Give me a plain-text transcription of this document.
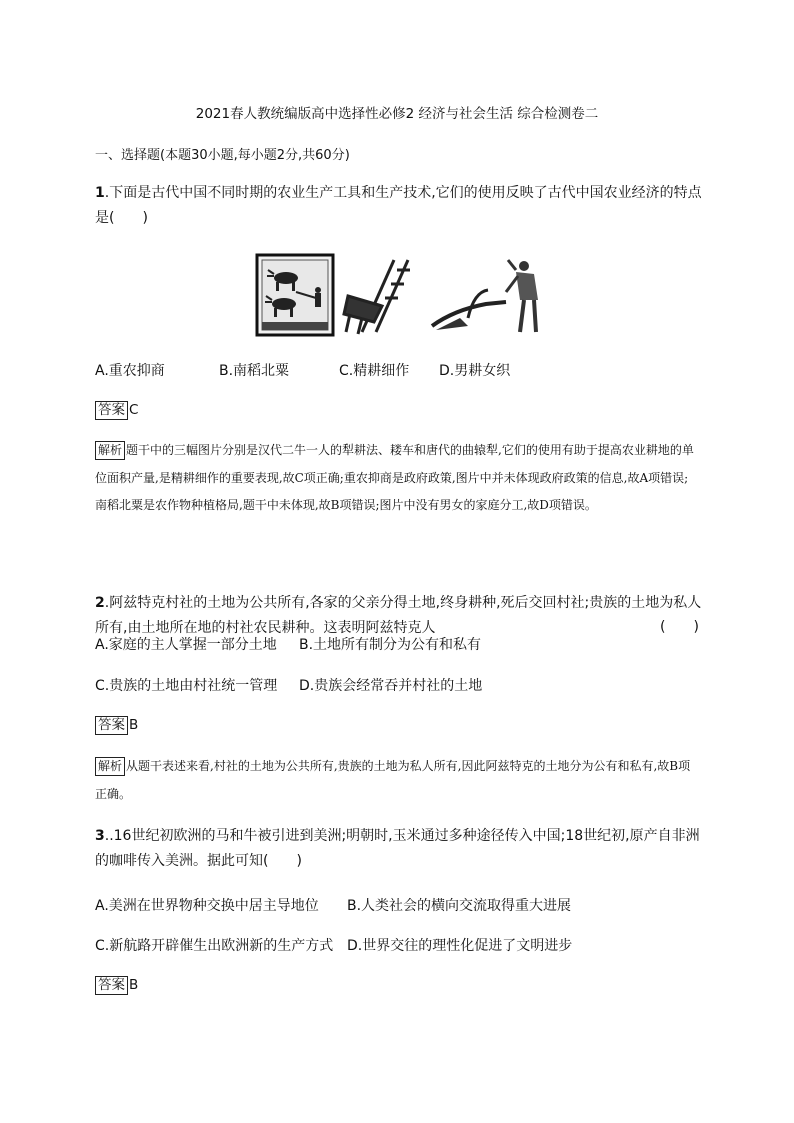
2021春人教统编版高中选择性必修2 经济与社会生活 综合检测卷二
一、选择题(本题30小题,每小题2分,共60分)
1.下面是古代中国不同时期的农业生产工具和生产技术,它们的使用反映了古代中国农业经济的特点是(　　)
A.重农抑商	B.南稻北粟	C.精耕细作 D.男耕女织
答案 C
解析 题干中的三幅图片分别是汉代二牛一人的犁耕法、耧车和唐代的曲辕犁,它们的使用有助于提高农业耕地的单位面积产量,是精耕细作的重要表现,故C项正确;重农抑商是政府政策,图片中并未体现政府政策的信息,故A项错误;南稻北粟是农作物种植格局,题干中未体现,故B项错误;图片中没有男女的家庭分工,故D项错误。
2.阿兹特克村社的土地为公共所有,各家的父亲分得土地,终身耕种,死后交回村社;贵族的土地为私人所有,由土地所在地的村社农民耕种。这表明阿兹特克人	(　　)
A.家庭的主人掌握一部分土地 B.土地所有制分为公有和私有
C.贵族的土地由村社统一管理 D.贵族会经常吞并村社的土地
答案 B
解析 从题干表述来看,村社的土地为公共所有,贵族的土地为私人所有,因此阿兹特克的土地分为公有和私有,故B项正确。
3..16世纪初欧洲的马和牛被引进到美洲;明朝时,玉米通过多种途径传入中国;18世纪初,原产自非洲的咖啡传入美洲。据此可知(　　)
A.美洲在世界物种交换中居主导地位 B.人类社会的横向交流取得重大进展
C.新航路开辟催生出欧洲新的生产方式 D.世界交往的理性化促进了文明进步
答案 B
